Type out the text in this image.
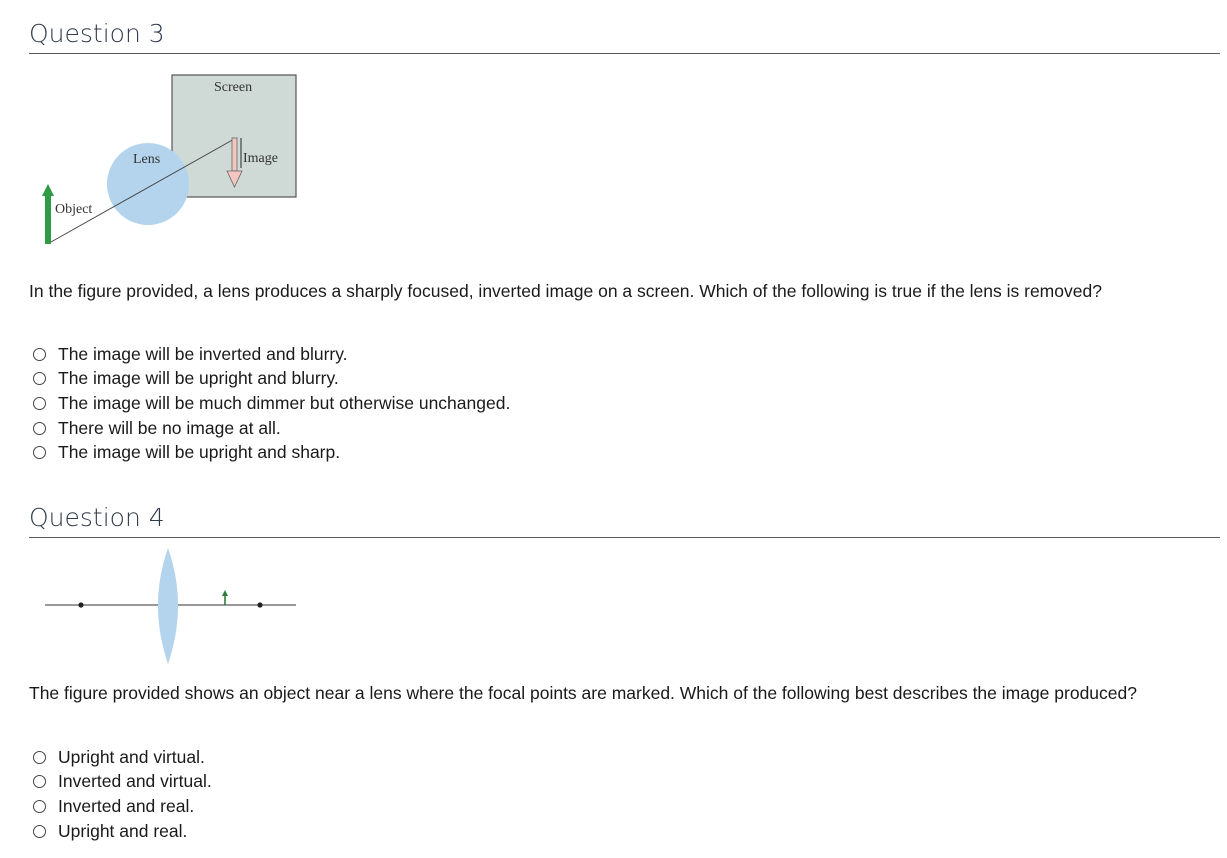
Question 3
Screen
Lens
Object
Image
In the figure provided, a lens produces a sharply focused, inverted image on a screen. Which of the following is true if the lens is removed?
The image will be inverted and blurry.
The image will be upright and blurry.
The image will be much dimmer but otherwise unchanged.
There will be no image at all.
The image will be upright and sharp.
Question 4
The figure provided shows an object near a lens where the focal points are marked. Which of the following best describes the image produced?
Upright and virtual.
Inverted and virtual.
Inverted and real.
Upright and real.
